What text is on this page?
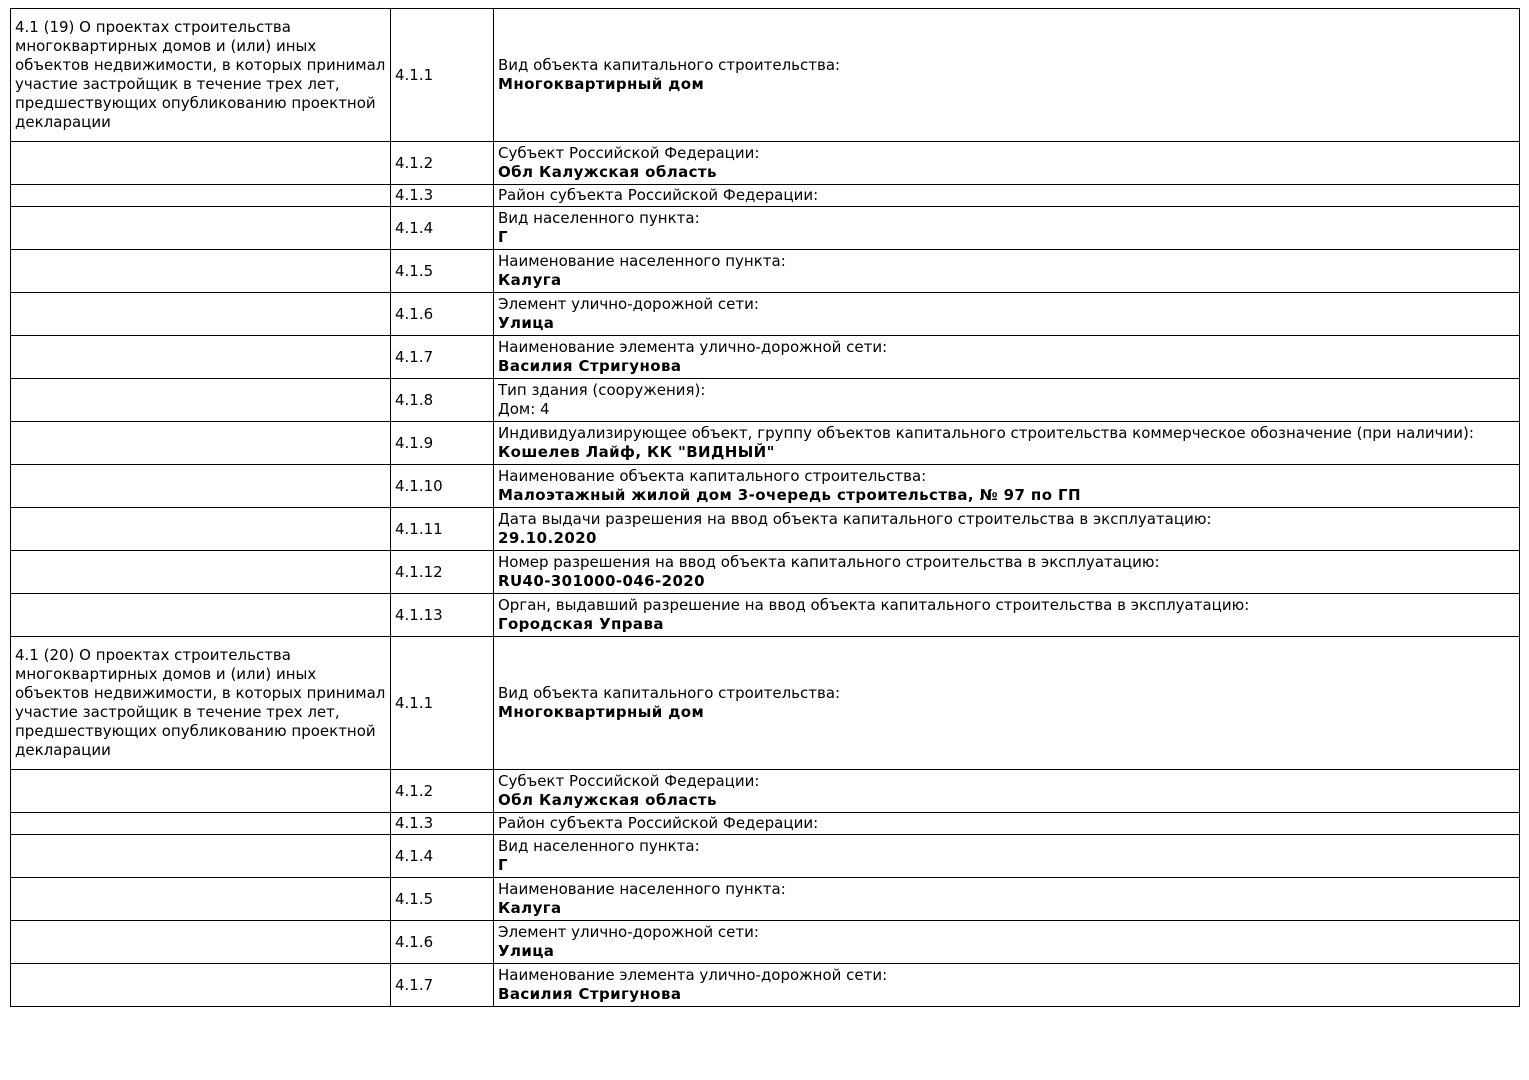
4.1 (19) О проектах строительства многоквартирных домов и (или) иных объектов недвижимости, в которых принимал участие застройщик в течение трех лет, предшествующих опубликованию проектной декларации	4.1.1	Вид объекта капитального строительства:
Многоквартирный дом

	4.1.2	Субъект Российской Федерации:
Обл Калужская область

	4.1.3	Район субъекта Российской Федерации:

	4.1.4	Вид населенного пункта:
Г

	4.1.5	Наименование населенного пункта:
Калуга

	4.1.6	Элемент улично-дорожной сети:
Улица

	4.1.7	Наименование элемента улично-дорожной сети:
Василия Стригунова

	4.1.8	Тип здания (сооружения):
Дом: 4

	4.1.9	Индивидуализирующее объект, группу объектов капитального строительства коммерческое обозначение (при наличии):
Кошелев Лайф, КК "ВИДНЫЙ"

	4.1.10	Наименование объекта капитального строительства:
Малоэтажный жилой дом 3-очередь строительства, № 97 по ГП

	4.1.11	Дата выдачи разрешения на ввод объекта капитального строительства в эксплуатацию:
29.10.2020

	4.1.12	Номер разрешения на ввод объекта капитального строительства в эксплуатацию:
RU40-301000-046-2020

	4.1.13	Орган, выдавший разрешение на ввод объекта капитального строительства в эксплуатацию:
Городская Управа

4.1 (20) О проектах строительства многоквартирных домов и (или) иных объектов недвижимости, в которых принимал участие застройщик в течение трех лет, предшествующих опубликованию проектной декларации	4.1.1	Вид объекта капитального строительства:
Многоквартирный дом

	4.1.2	Субъект Российской Федерации:
Обл Калужская область

	4.1.3	Район субъекта Российской Федерации:

	4.1.4	Вид населенного пункта:
Г

	4.1.5	Наименование населенного пункта:
Калуга

	4.1.6	Элемент улично-дорожной сети:
Улица

	4.1.7	Наименование элемента улично-дорожной сети:
Василия Стригунова
